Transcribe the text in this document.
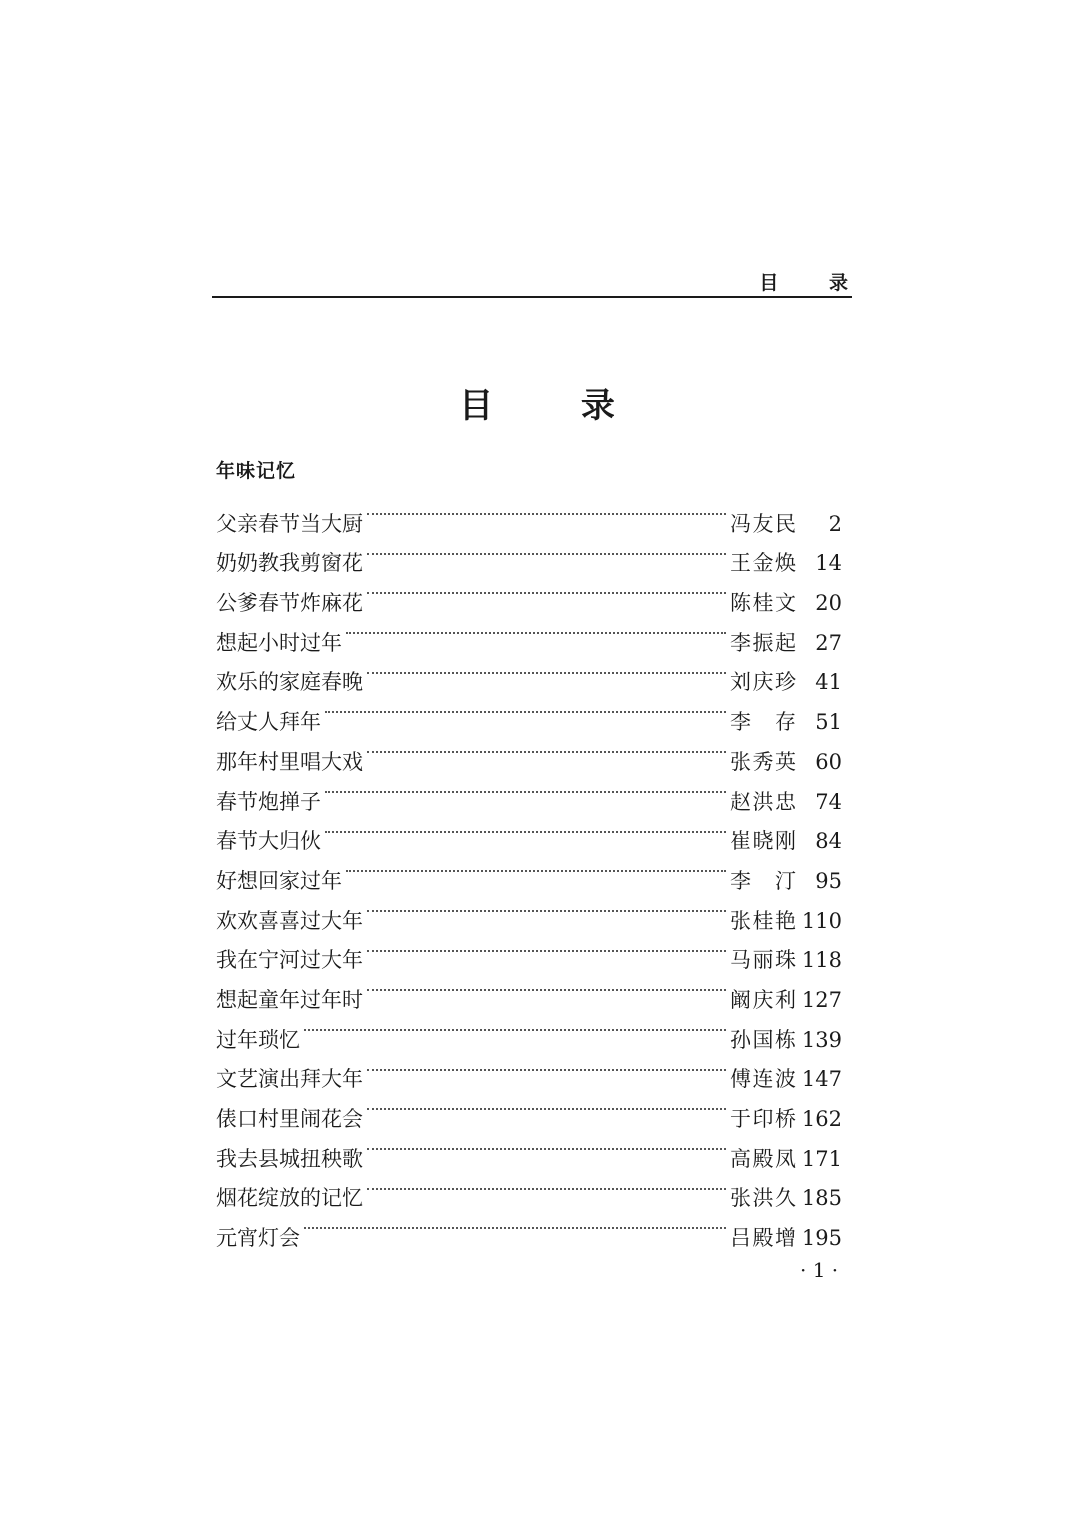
目 录
目 录
年味记忆
父亲春节当大厨	冯友民	2
奶奶教我剪窗花	王金焕 14
公爹春节炸麻花	陈桂文 20
想起小时过年	李振起 27
欢乐的家庭春晚	刘庆珍 41
给丈人拜年	李 存 51
那年村里唱大戏	张秀英 60
春节炮掸子	赵洪忠 74
春节大归伙	崔晓刚 84
好想回家过年	李 汀 95
欢欢喜喜过大年	张桂艳 110
我在宁河过大年	马丽珠 118
想起童年过年时	阚庆利 127
过年琐忆	孙国栋 139
文艺演出拜大年	傅连波 147
俵口村里闹花会	于印桥 162
我去县城扭秧歌	高殿凤 171
烟花绽放的记忆	张洪久 185
元宵灯会	吕殿增 195
· 1 ·
